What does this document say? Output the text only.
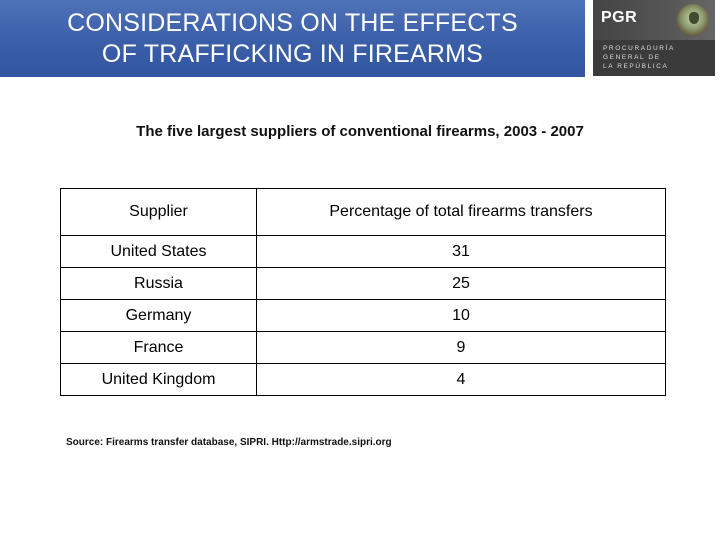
CONSIDERATIONS ON THE EFFECTS
OF TRAFFICKING IN FIREARMS
PGR
PROCURADURÍA
GENERAL DE
LA REPÚBLICA
The five largest suppliers of conventional firearms, 2003 - 2007
Supplier	Percentage of total firearms transfers
United States	31
Russia	25
Germany	10
France	9
United Kingdom	4
Source: Firearms transfer database, SIPRI. Http://armstrade.sipri.org
